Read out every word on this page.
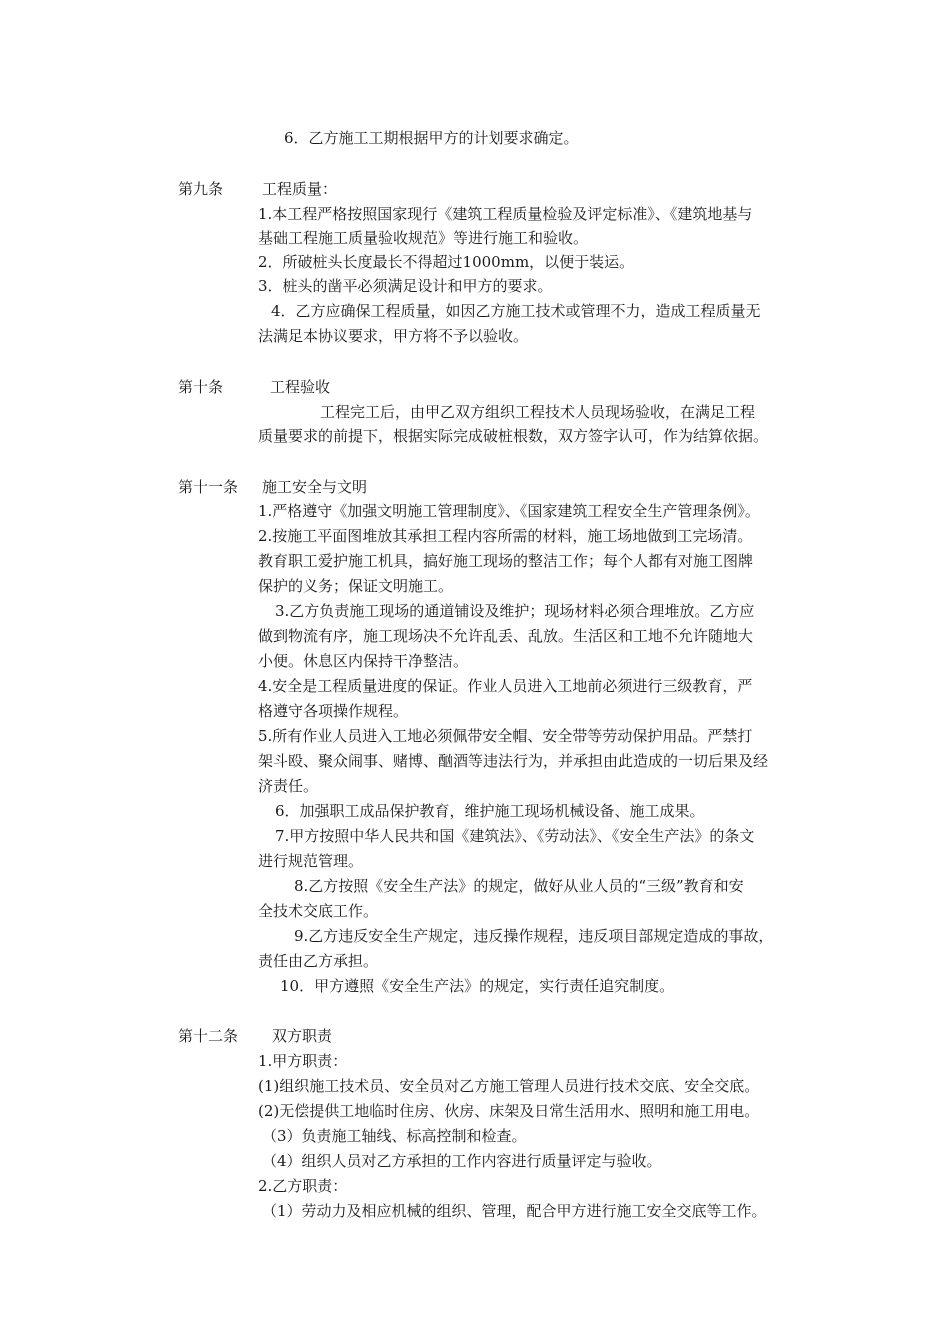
6．乙方施工工期根据甲方的计划要求确定。
第九条	工程质量：
1.本工程严格按照国家现行《建筑工程质量检验及评定标准》、《建筑地基与
基础工程施工质量验收规范》等进行施工和验收。
2．所破桩头长度最长不得超过1000mm，以便于装运。
3．桩头的凿平必须满足设计和甲方的要求。
4．乙方应确保工程质量，如因乙方施工技术或管理不力，造成工程质量无
法满足本协议要求，甲方将不予以验收。
第十条	工程验收
工程完工后，由甲乙双方组织工程技术人员现场验收，在满足工程
质量要求的前提下，根据实际完成破桩根数，双方签字认可，作为结算依据。
第十一条 施工安全与文明
1.严格遵守《加强文明施工管理制度》、《国家建筑工程安全生产管理条例》。
2.按施工平面图堆放其承担工程内容所需的材料，施工场地做到工完场清。
教育职工爱护施工机具，搞好施工现场的整洁工作；每个人都有对施工图牌
保护的义务；保证文明施工。
3.乙方负责施工现场的通道铺设及维护；现场材料必须合理堆放。乙方应
做到物流有序，施工现场决不允许乱丢、乱放。生活区和工地不允许随地大
小便。休息区内保持干净整洁。
4.安全是工程质量进度的保证。作业人员进入工地前必须进行三级教育，严
格遵守各项操作规程。
5.所有作业人员进入工地必须佩带安全帽、安全带等劳动保护用品。严禁打
架斗殴、聚众闹事、赌博、酗酒等违法行为，并承担由此造成的一切后果及经
济责任。
6．加强职工成品保护教育，维护施工现场机械设备、施工成果。
7.甲方按照中华人民共和国《建筑法》、《劳动法》、《安全生产法》的条文
进行规范管理。
8.乙方按照《安全生产法》的规定，做好从业人员的“三级”教育和安
全技术交底工作。
9.乙方违反安全生产规定，违反操作规程，违反项目部规定造成的事故，
责任由乙方承担。
10．甲方遵照《安全生产法》的规定，实行责任追究制度。
第十二条 双方职责
1.甲方职责：
(1)组织施工技术员、安全员对乙方施工管理人员进行技术交底、安全交底。
(2)无偿提供工地临时住房、伙房、床架及日常生活用水、照明和施工用电。
（3）负责施工轴线、标高控制和检查。
（4）组织人员对乙方承担的工作内容进行质量评定与验收。
2.乙方职责：
（1）劳动力及相应机械的组织、管理，配合甲方进行施工安全交底等工作。
